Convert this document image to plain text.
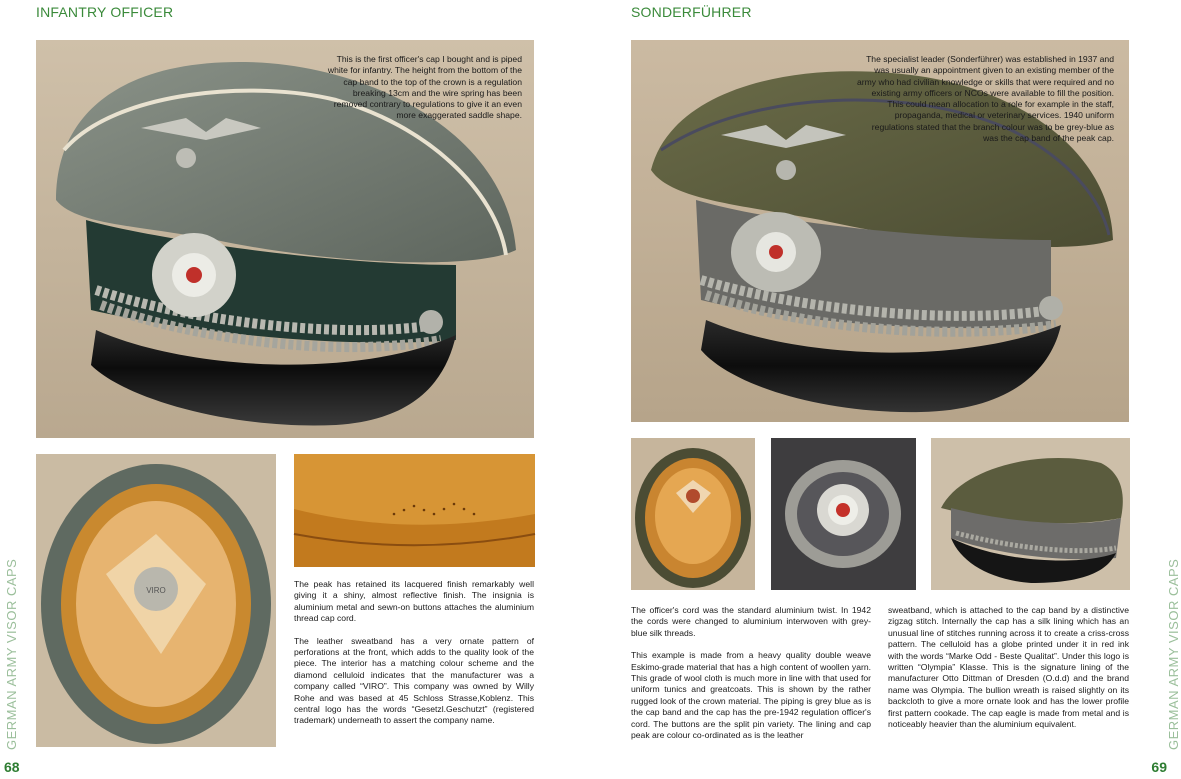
INFANTRY OFFICER
This is the first officer's cap I bought and is piped white for infantry. The height from the bottom of the cap band to the top of the crown is a regulation breaking 13cm and the wire spring has been removed contrary to regulations to give it an even more exaggerated saddle shape.
VIRO

The peak has retained its lacquered finish remarkably well giving it a shiny, almost reflective finish. The insignia is aluminium metal and sewn-on buttons attaches the aluminium thread cap cord.

The leather sweatband has a very ornate pattern of perforations at the front, which adds to the quality look of the piece. The interior has a matching colour scheme and the diamond celluloid indicates that the manufacturer was a company called “VIRO”. This company was owned by Willy Rohe and was based at 45 Schloss Strasse,Koblenz. This central logo has the words “Gesetzl.Geschutzt” (registered trademark) underneath to assert the company name.

GERMAN ARMY VISOR CAPS
68
SONDERFÜHRER
The specialist leader (Sonderführer) was established in 1937 and was usually an appointment given to an existing member of the army who had civilian knowledge or skills that were required and no existing army officers or NCOs were available to fill the position. This could mean allocation to a role for example in the staff, propaganda, medical or veterinary services. 1940 uniform regulations stated that the branch colour was to be grey-blue as was the cap band of the peak cap.

The officer's cord was the standard aluminium twist. In 1942 the cords were changed to aluminium interwoven with grey-blue silk threads.

This example is made from a heavy quality double weave Eskimo-grade material that has a high content of woollen yarn. This grade of wool cloth is much more in line with that used for uniform tunics and greatcoats. This is shown by the rather rugged look of the crown material. The piping is grey blue as is the cap band and the cap has the pre-1942 regulation officer's cord. The buttons are the split pin variety. The lining and cap peak are colour co-ordinated as is the leather

sweatband, which is attached to the cap band by a distinctive zigzag stitch. Internally the cap has a silk lining which has an unusual line of stitches running across it to create a criss-cross pattern. The celluloid has a globe printed under it in red ink with the words “Marke Odd - Beste Qualitat”. Under this logo is written “Olympia” Klasse. This is the signature lining of the manufacturer Otto Dittman of Dresden (O.d.d) and the brand name was Olympia. The bullion wreath is raised slightly on its backcloth to give a more ornate look and has the lower profile first pattern cookade. The cap eagle is made from metal and is noticeably heavier than the aluminium equivalent.	GERMAN ARMY VISOR CAPS
69
